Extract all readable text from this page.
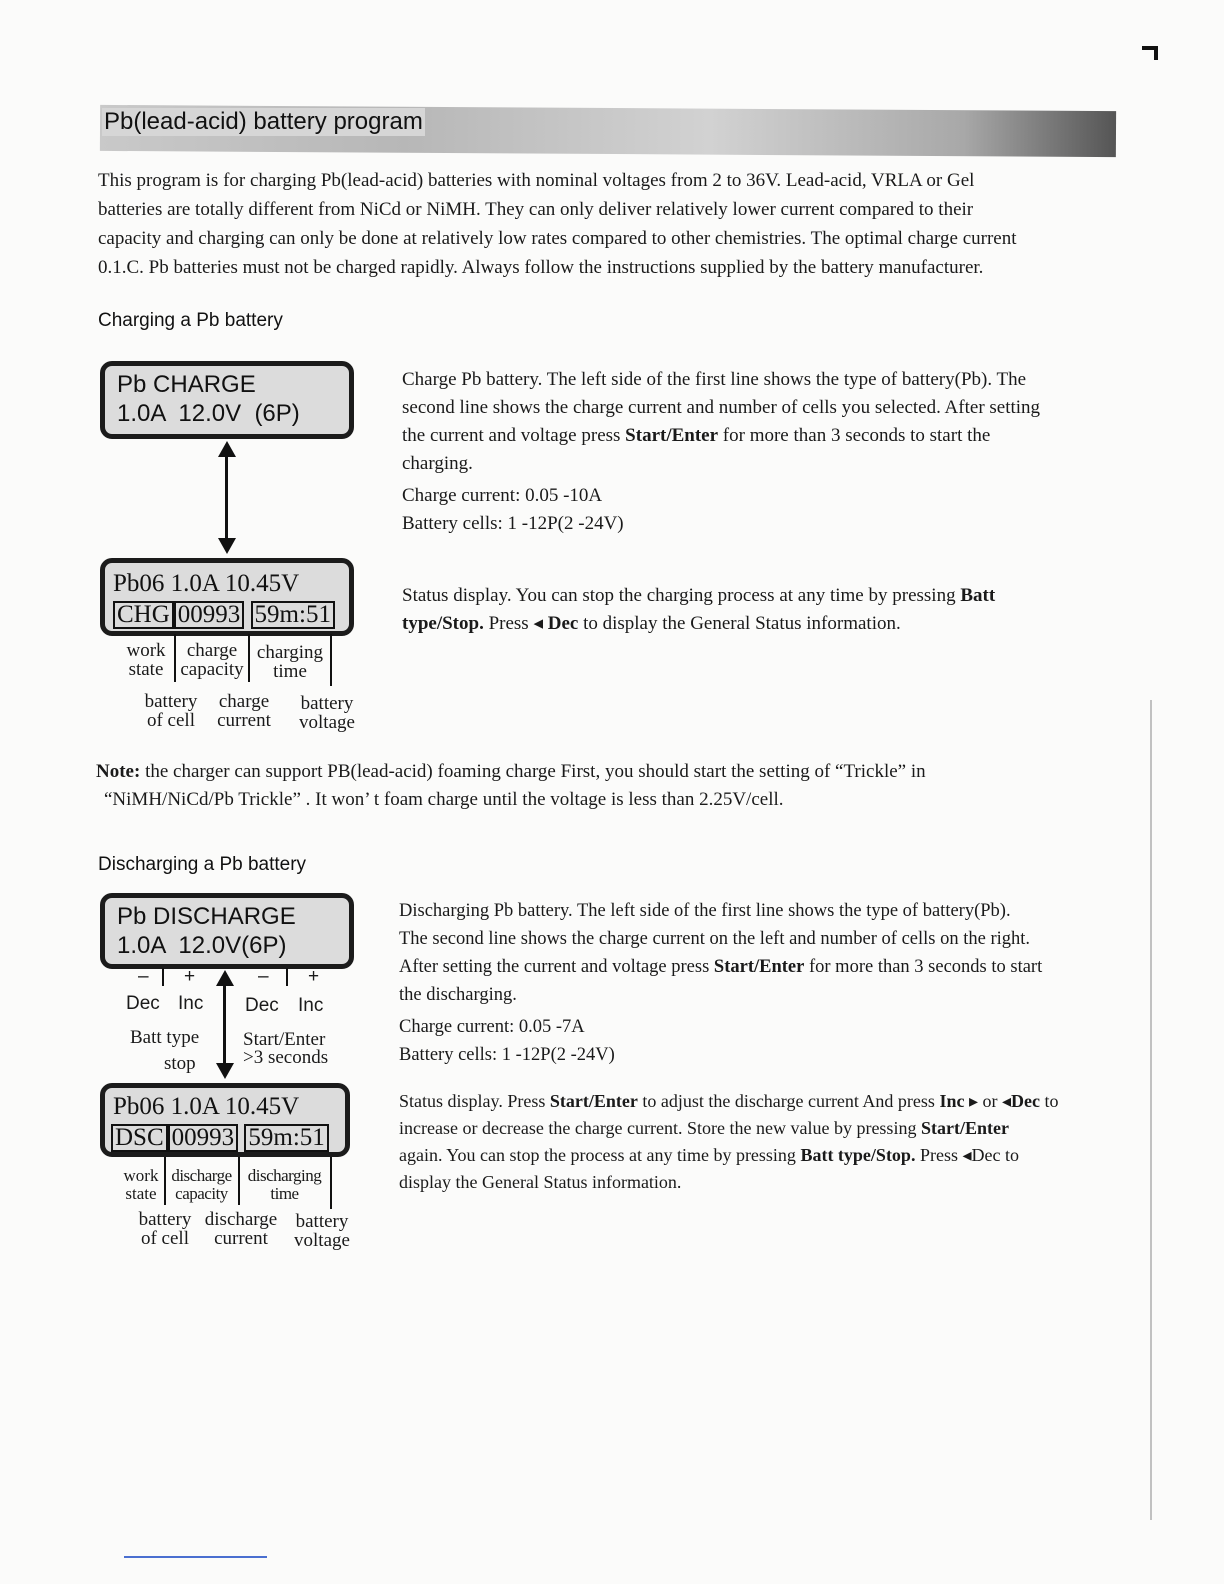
Pb(lead-acid) battery program

This program is for charging Pb(lead-acid) batteries with nominal voltages from 2 to 36V. Lead-acid, VRLA or Gel

batteries are totally different from NiCd or NiMH. They can only deliver relatively lower current compared to their

capacity and charging can only be done at relatively low rates compared to other chemistries. The optimal charge current

0.1.C. Pb batteries must not be charged rapidly. Always follow the instructions supplied by the battery manufacturer.

Charging a Pb battery
Pb CHARGE
1.0A  12.0V  (6P)
Pb06 1.0A 10.45V
CHG 00993 59m:51
work
state
charge
capacity
charging
time
battery
of cell
charge
current
battery
voltage

Charge Pb battery. The left side of the first line shows the type of battery(Pb). The

second line shows the charge current and number of cells you selected. After setting

the current and voltage press Start/Enter for more than 3 seconds to start the

charging.

Charge current: 0.05 -10A

Battery cells: 1 -12P(2 -24V)

Status display. You can stop the charging process at any time by pressing Batt

type/Stop. Press ◂ Dec to display the General Status information.

Note: the charger can support PB(lead-acid) foaming charge First, you should start the setting of “Trickle” in

“NiMH/NiCd/Pb Trickle” . It won’ t foam charge until the voltage is less than 2.25V/cell.

Discharging a Pb battery
Pb DISCHARGE
1.0A  12.0V(6P)
– +	– +
Dec Inc Dec Inc
Batt type
stop
Start/Enter
>3 seconds
Pb06 1.0A 10.45V
DSC 00993 59m:51
work
state
discharge
capacity
discharging
time
battery
of cell
discharge
current
battery
voltage

Discharging Pb battery. The left side of the first line shows the type of battery(Pb).

The second line shows the charge current on the left and number of cells on the right.

After setting the current and voltage press Start/Enter for more than 3 seconds to start

the discharging.

Charge current: 0.05 -7A

Battery cells: 1 -12P(2 -24V)

Status display. Press Start/Enter to adjust the discharge current And press Inc ▸ or ◂Dec to

increase or decrease the charge current. Store the new value by pressing Start/Enter

again. You can stop the process at any time by pressing Batt type/Stop. Press ◂Dec to

display the General Status information.
